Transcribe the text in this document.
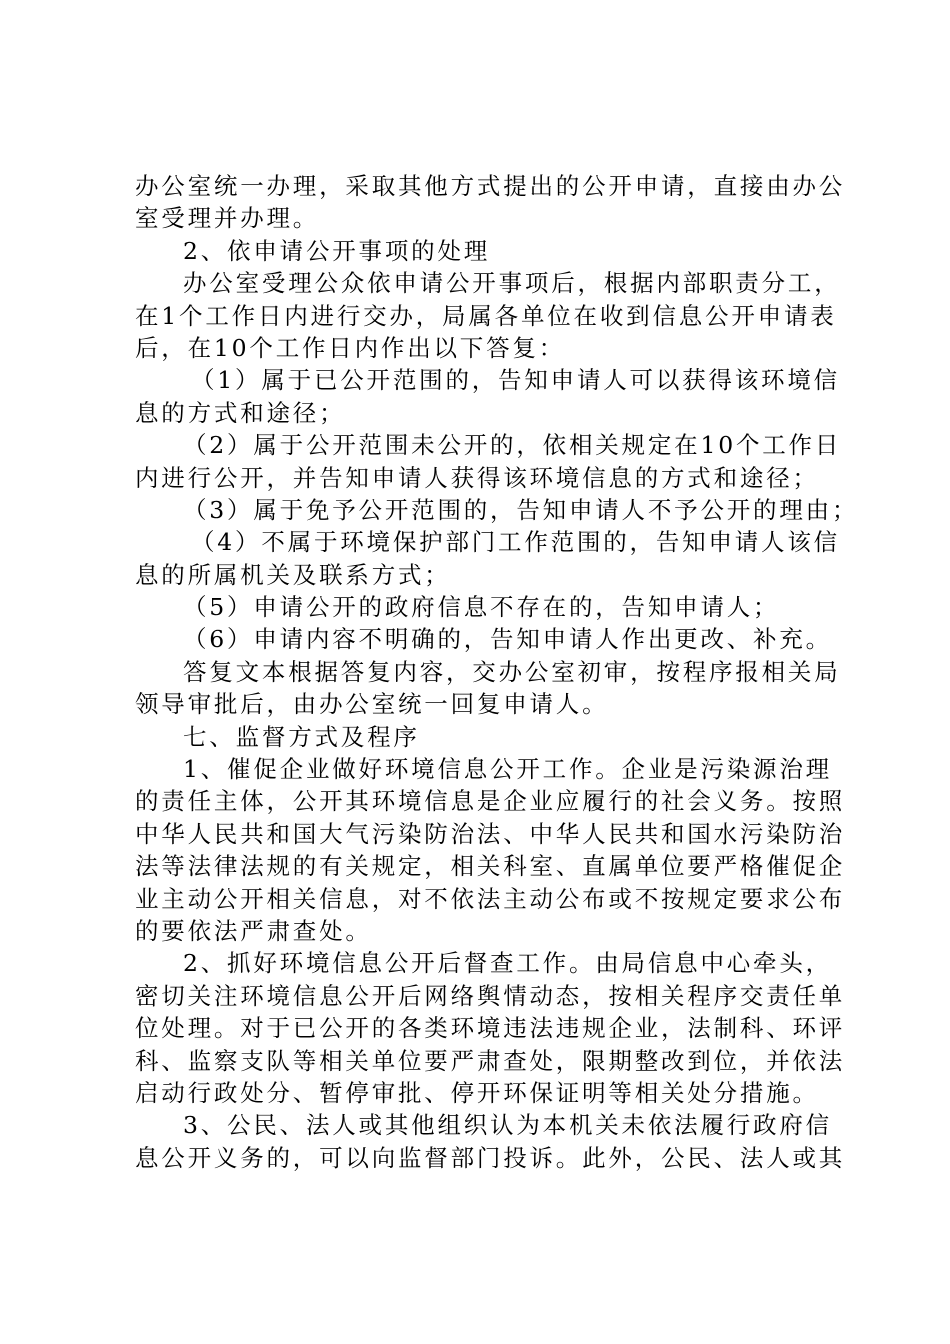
办公室统一办理，采取其他方式提出的公开申请，直接由办公
室受理并办理。
2、依申请公开事项的处理
办公室受理公众依申请公开事项后，根据内部职责分工，
在1个工作日内进行交办，局属各单位在收到信息公开申请表
后，在10个工作日内作出以下答复：
（1）属于已公开范围的，告知申请人可以获得该环境信
息的方式和途径；
（2）属于公开范围未公开的，依相关规定在10个工作日
内进行公开，并告知申请人获得该环境信息的方式和途径；
（3）属于免予公开范围的，告知申请人不予公开的理由；
（4）不属于环境保护部门工作范围的，告知申请人该信
息的所属机关及联系方式；
（5）申请公开的政府信息不存在的，告知申请人；
（6）申请内容不明确的，告知申请人作出更改、补充。
答复文本根据答复内容，交办公室初审，按程序报相关局
领导审批后，由办公室统一回复申请人。
七、监督方式及程序
1、催促企业做好环境信息公开工作。企业是污染源治理
的责任主体，公开其环境信息是企业应履行的社会义务。按照
中华人民共和国大气污染防治法、中华人民共和国水污染防治
法等法律法规的有关规定，相关科室、直属单位要严格催促企
业主动公开相关信息，对不依法主动公布或不按规定要求公布
的要依法严肃查处。
2、抓好环境信息公开后督查工作。由局信息中心牵头，
密切关注环境信息公开后网络舆情动态，按相关程序交责任单
位处理。对于已公开的各类环境违法违规企业，法制科、环评
科、监察支队等相关单位要严肃查处，限期整改到位，并依法
启动行政处分、暂停审批、停开环保证明等相关处分措施。
3、公民、法人或其他组织认为本机关未依法履行政府信
息公开义务的，可以向监督部门投诉。此外，公民、法人或其
